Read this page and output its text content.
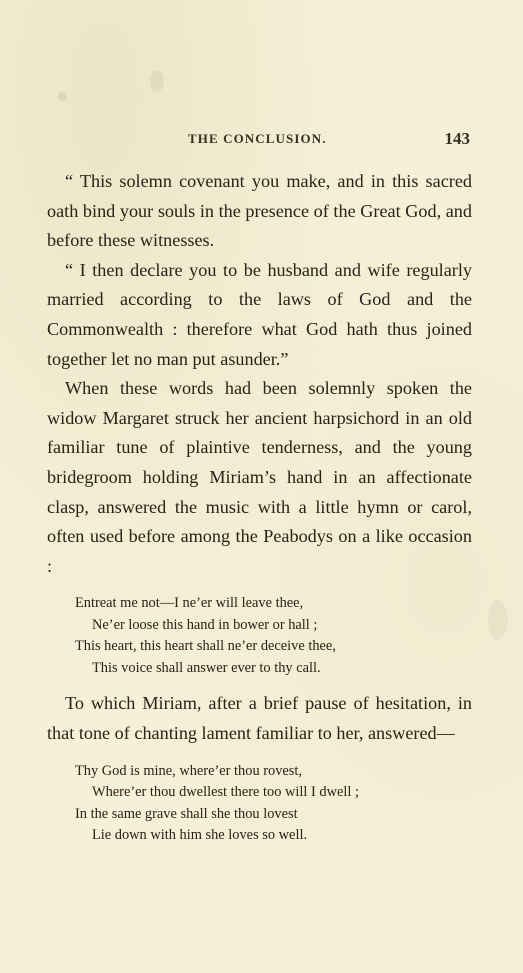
THE CONCLUSION.	143

“ This solemn covenant you make, and in this sacred oath bind your souls in the presence of the Great God, and before these witnesses.

“ I then declare you to be husband and wife regularly married according to the laws of God and the Commonwealth : therefore what God hath thus joined together let no man put asunder.”

When these words had been solemnly spoken the widow Margaret struck her ancient harpsichord in an old familiar tune of plaintive tenderness, and the young bridegroom holding Miriam’s hand in an affectionate clasp, answered the music with a little hymn or carol, often used before among the Peabodys on a like occasion :

Entreat me not—I ne’er will leave thee,
Ne’er loose this hand in bower or hall ;
This heart, this heart shall ne’er deceive thee,
This voice shall answer ever to thy call.

To which Miriam, after a brief pause of hesitation, in that tone of chanting lament familiar to her, answered—

Thy God is mine, where’er thou rovest,
Where’er thou dwellest there too will I dwell ;
In the same grave shall she thou lovest
Lie down with him she loves so well.
